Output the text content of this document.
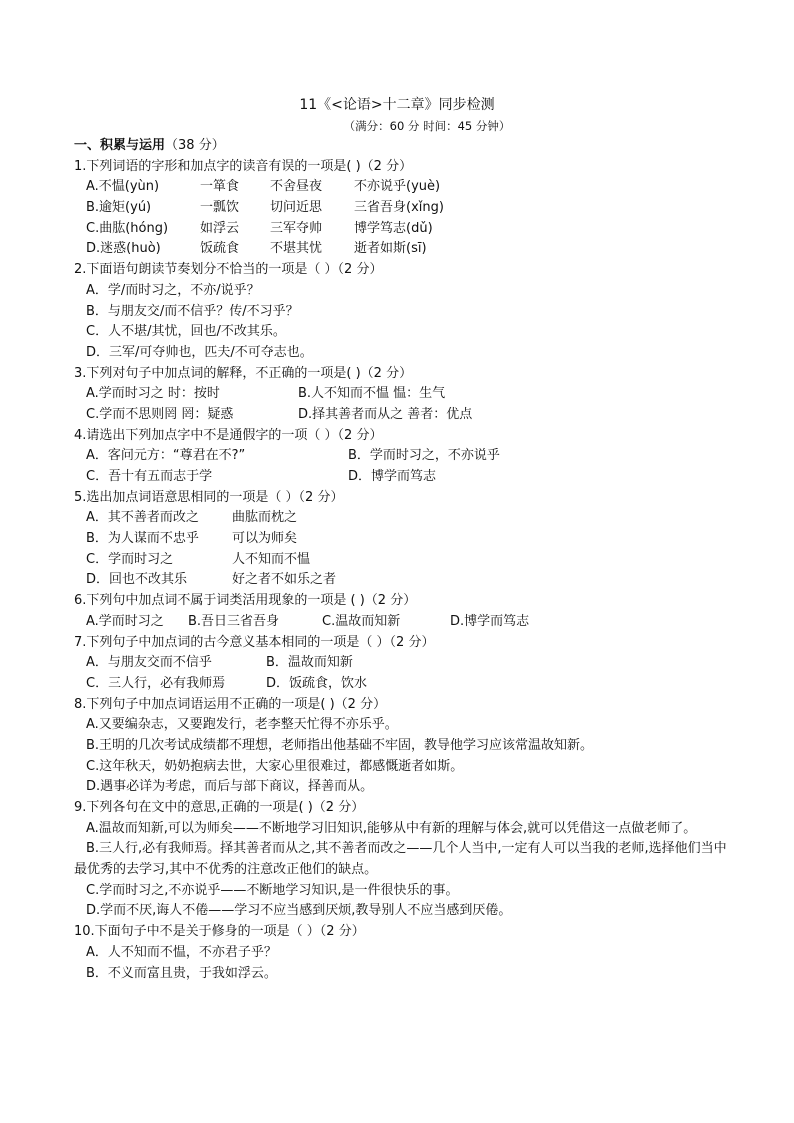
11《<论语>十二章》同步检测
（满分：60 分 时间：45 分钟）
一、积累与运用（38 分）
1.下列词语的字形和加点字的读音有误的一项是( )（2 分）
A.不愠(yùn)	一箪食	不舍昼夜	不亦说乎(yuè)
B.逾矩(yú)	一瓢饮	切问近思	三省吾身(xǐng)
C.曲肱(hóng)	如浮云	三军夺帅	博学笃志(dǔ)
D.迷惑(huò)	饭疏食	不堪其忧	逝者如斯(sī)
2.下面语句朗读节奏划分不恰当的一项是（ ）（2 分）
A．学/而时习之，不亦/说乎？
B．与朋友交/而不信乎？传/不习乎？
C．人不堪/其忧，回也/不改其乐。
D．三军/可夺帅也，匹夫/不可夺志也。
3.下列对句子中加点词的解释，不正确的一项是( )（2 分）
A.学而时习之 时：按时	B.人不知而不愠 愠：生气
C.学而不思则罔 罔：疑惑	D.择其善者而从之 善者：优点
4.请选出下列加点字中不是通假字的一项（ ）（2 分）
A．客问元方：“尊君在不?”	B．学而时习之，不亦说乎
C．吾十有五而志于学	D．博学而笃志
5.选出加点词语意思相同的一项是（ ）（2 分）
A．其不善者而改之	曲肱而枕之
B．为人谋而不忠乎	可以为师矣
C．学而时习之	人不知而不愠
D．回也不改其乐	好之者不如乐之者
6.下列句中加点词不属于词类活用现象的一项是 ( )（2 分）
A.学而时习之 B.吾日三省吾身	C.温故而知新	D.博学而笃志
7.下列句子中加点词的古今意义基本相同的一项是（ ）（2 分）
A．与朋友交而不信乎	B．温故而知新
C．三人行，必有我师焉	D．饭疏食，饮水
8.下列句子中加点词语运用不正确的一项是( )（2 分）
A.又要编杂志，又要跑发行，老李整天忙得不亦乐乎。
B.王明的几次考试成绩都不理想，老师指出他基础不牢固，教导他学习应该常温故知新。
C.这年秋天，奶奶抱病去世，大家心里很难过，都感慨逝者如斯。
D.遇事必详为考虑，而后与部下商议，择善而从。
9.下列各句在文中的意思,正确的一项是( )（2 分）
A.温故而知新,可以为师矣——不断地学习旧知识,能够从中有新的理解与体会,就可以凭借这一点做老师了。
B.三人行,必有我师焉。择其善者而从之,其不善者而改之——几个人当中,一定有人可以当我的老师,选择他们当中最优秀的去学习,其中不优秀的注意改正他们的缺点。
C.学而时习之,不亦说乎——不断地学习知识,是一件很快乐的事。
D.学而不厌,诲人不倦——学习不应当感到厌烦,教导别人不应当感到厌倦。
10.下面句子中不是关于修身的一项是（ ）（2 分）
A．人不知而不愠，不亦君子乎？
B．不义而富且贵，于我如浮云。
